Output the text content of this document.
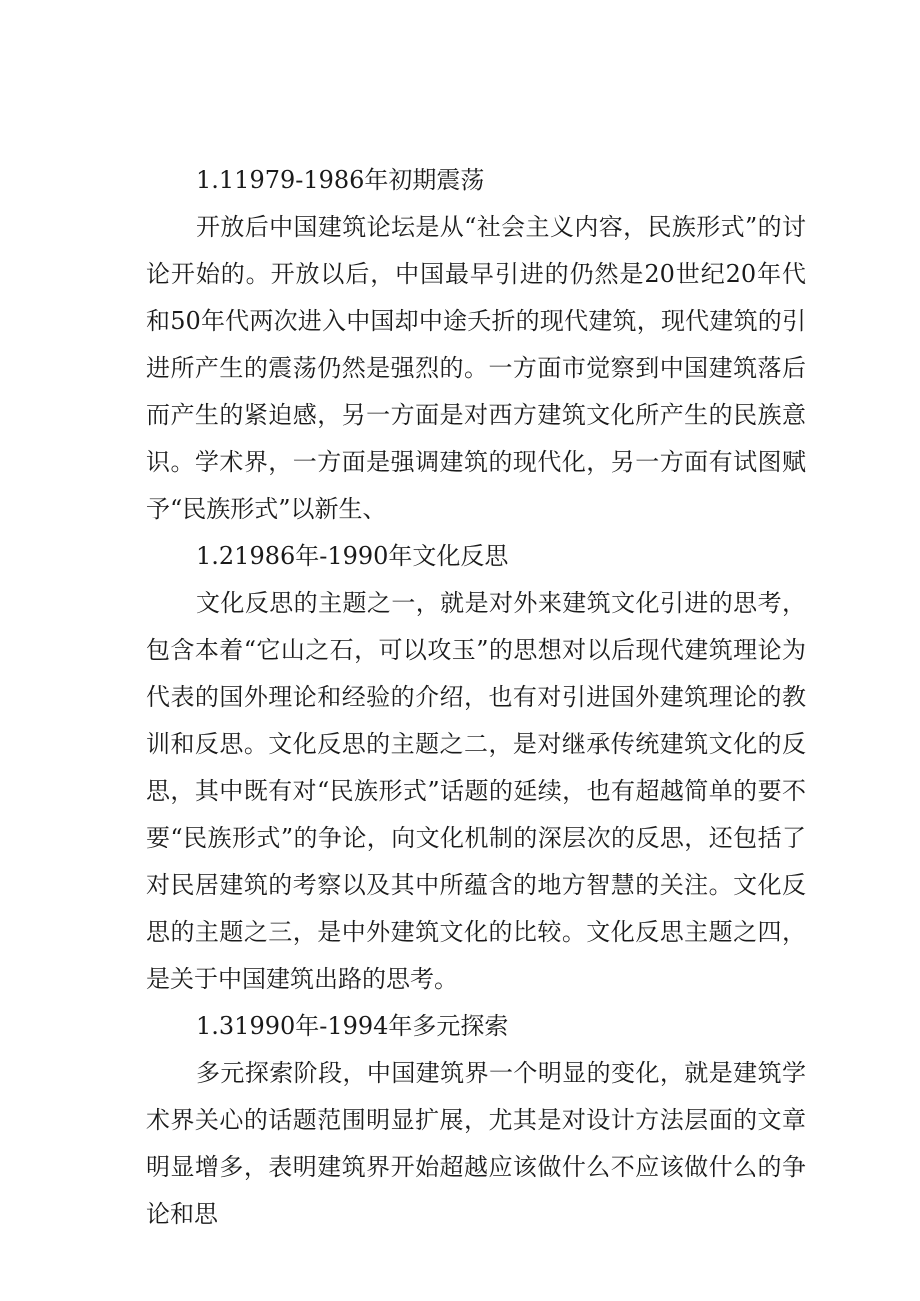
1.11979-1986年初期震荡

开放后中国建筑论坛是从“社会主义内容，民族形式”的讨论开始的。开放以后，中国最早引进的仍然是20世纪20年代和50年代两次进入中国却中途夭折的现代建筑，现代建筑的引进所产生的震荡仍然是强烈的。一方面市觉察到中国建筑落后而产生的紧迫感，另一方面是对西方建筑文化所产生的民族意识。学术界，一方面是强调建筑的现代化，另一方面有试图赋予“民族形式”以新生、

1.21986年-1990年文化反思

文化反思的主题之一，就是对外来建筑文化引进的思考，包含本着“它山之石，可以攻玉”的思想对以后现代建筑理论为代表的国外理论和经验的介绍，也有对引进国外建筑理论的教训和反思。文化反思的主题之二，是对继承传统建筑文化的反思，其中既有对“民族形式”话题的延续，也有超越简单的要不要“民族形式”的争论，向文化机制的深层次的反思，还包括了对民居建筑的考察以及其中所蕴含的地方智慧的关注。文化反思的主题之三，是中外建筑文化的比较。文化反思主题之四，是关于中国建筑出路的思考。

1.31990年-1994年多元探索

多元探索阶段，中国建筑界一个明显的变化，就是建筑学术界关心的话题范围明显扩展，尤其是对设计方法层面的文章明显增多，表明建筑界开始超越应该做什么不应该做什么的争论和思
